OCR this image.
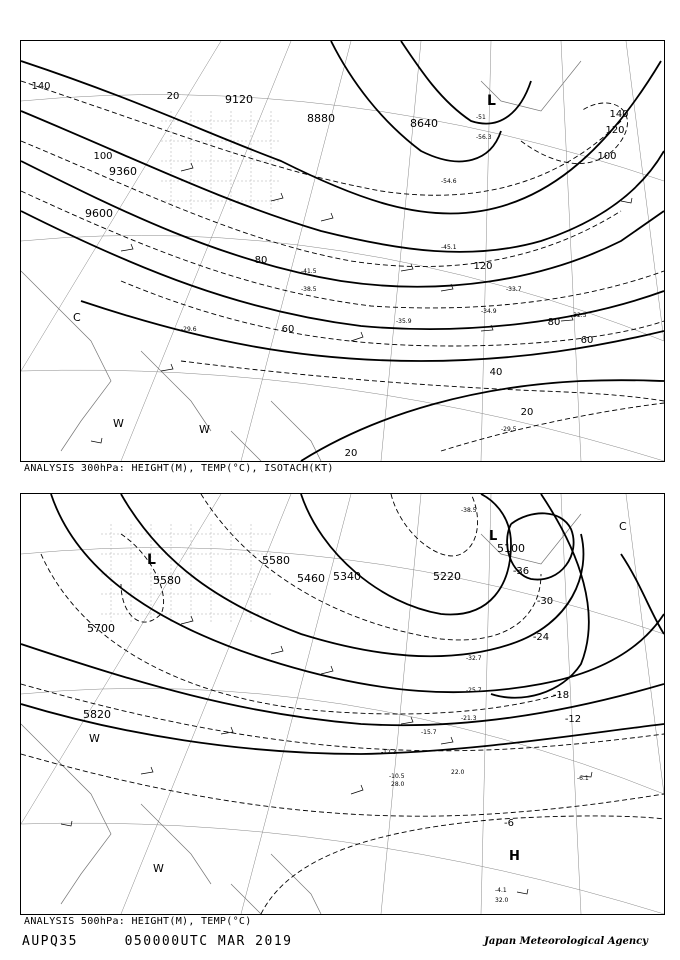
9600
9360
9120
8880	8640
140
140
120
120
100
100
80
80
60
60
40
20
20
20
-29.5
-33.7
-35.9
-41.5
-45.1
-51
-54.6
-56.3
-38.5
-34.9
-32.5
-29.6
L
W	W
C
ANALYSIS 300hPa: HEIGHT(M), TEMP(°C), ISOTACH(KT)
5820
5700
5580	5460 5340	5220
5100
5580
-6
-12
-18
-24
-30
-36
-10.5
-12.3
-15.7
-21.3
-25.7
-32.7
-38.5
-4.1
-6.1
22.0
28.0
32.0
L
L
H
W
W
C
ANALYSIS 500hPa: HEIGHT(M), TEMP(°C)
AUPQ35	050000UTC MAR 2019	Japan Meteorological Agency
